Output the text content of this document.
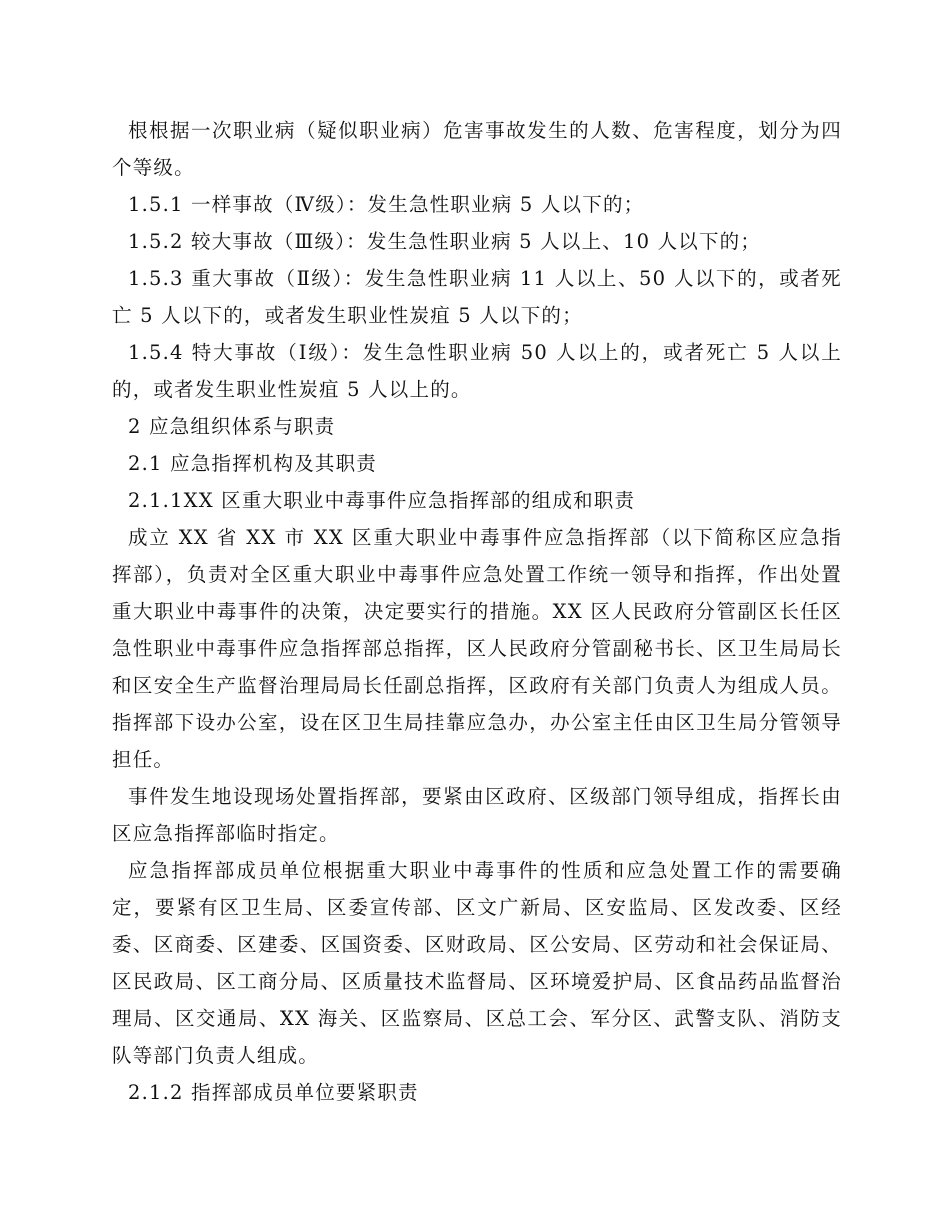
根根据一次职业病（疑似职业病）危害事故发生的人数、危害程度，划分为四个等级。

1.5.1 一样事故（Ⅳ级）：发生急性职业病 5 人以下的；

1.5.2 较大事故（Ⅲ级）：发生急性职业病 5 人以上、10 人以下的；

1.5.3 重大事故（Ⅱ级）：发生急性职业病 11 人以上、50 人以下的，或者死亡 5 人以下的，或者发生职业性炭疽 5 人以下的；

1.5.4 特大事故（Ⅰ级）：发生急性职业病 50 人以上的，或者死亡 5 人以上的，或者发生职业性炭疽 5 人以上的。

2 应急组织体系与职责

2.1 应急指挥机构及其职责

2.1.1XX 区重大职业中毒事件应急指挥部的组成和职责

成立 XX 省 XX 市 XX 区重大职业中毒事件应急指挥部（以下简称区应急指挥部），负责对全区重大职业中毒事件应急处置工作统一领导和指挥，作出处置重大职业中毒事件的决策，决定要实行的措施。XX 区人民政府分管副区长任区急性职业中毒事件应急指挥部总指挥，区人民政府分管副秘书长、区卫生局局长和区安全生产监督治理局局长任副总指挥，区政府有关部门负责人为组成人员。指挥部下设办公室，设在区卫生局挂靠应急办，办公室主任由区卫生局分管领导担任。

事件发生地设现场处置指挥部，要紧由区政府、区级部门领导组成，指挥长由区应急指挥部临时指定。

应急指挥部成员单位根据重大职业中毒事件的性质和应急处置工作的需要确定，要紧有区卫生局、区委宣传部、区文广新局、区安监局、区发改委、区经委、区商委、区建委、区国资委、区财政局、区公安局、区劳动和社会保证局、区民政局、区工商分局、区质量技术监督局、区环境爱护局、区食品药品监督治理局、区交通局、XX 海关、区监察局、区总工会、军分区、武警支队、消防支队等部门负责人组成。

2.1.2 指挥部成员单位要紧职责
